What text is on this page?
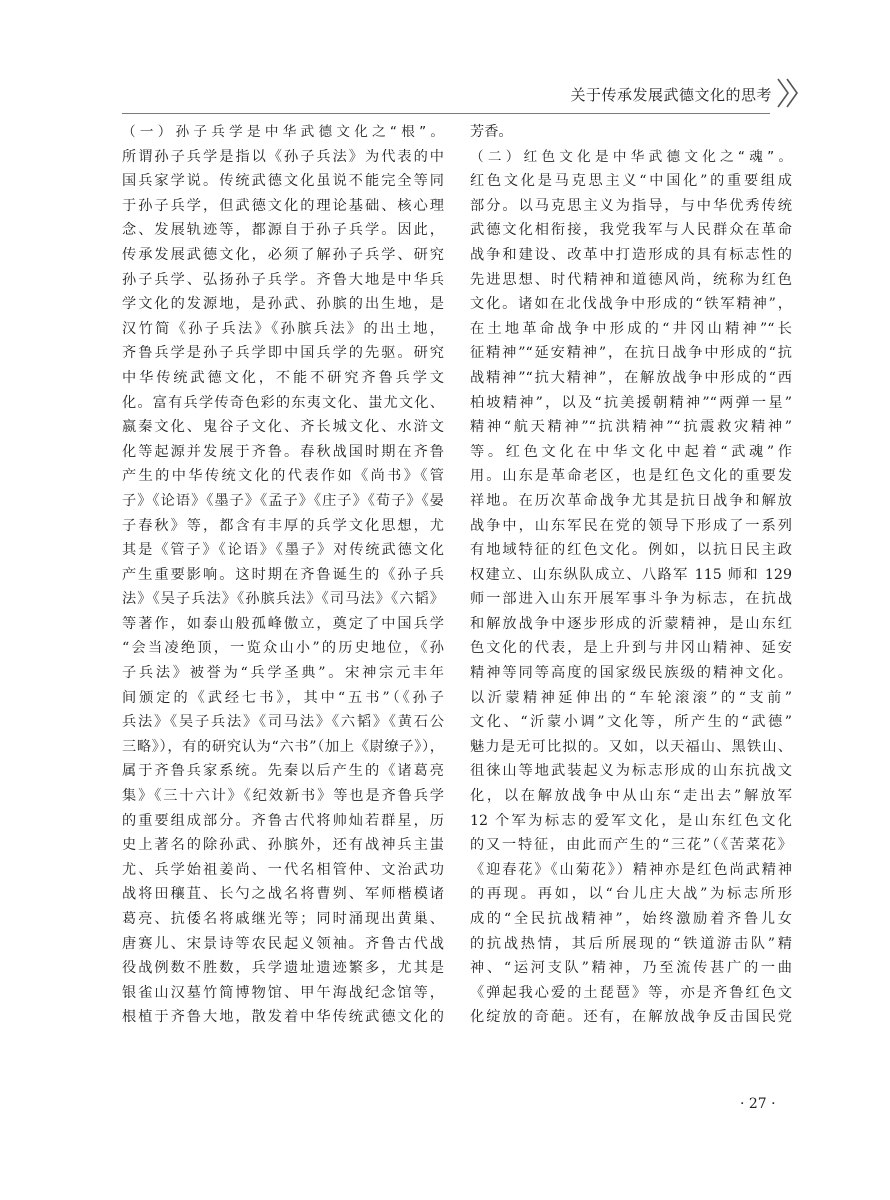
关于传承发展武德文化的思考
（一）孙子兵学是中华武德文化之“根”。
所谓孙子兵学是指以《孙子兵法》为代表的中
国兵家学说。传统武德文化虽说不能完全等同
于孙子兵学，但武德文化的理论基础、核心理
念、发展轨迹等，都源自于孙子兵学。因此，
传承发展武德文化，必须了解孙子兵学、研究
孙子兵学、弘扬孙子兵学。齐鲁大地是中华兵
学文化的发源地，是孙武、孙膑的出生地，是
汉竹简《孙子兵法》《孙膑兵法》的出土地，
齐鲁兵学是孙子兵学即中国兵学的先驱。研究
中华传统武德文化，不能不研究齐鲁兵学文
化。富有兵学传奇色彩的东夷文化、蚩尤文化、
嬴秦文化、鬼谷子文化、齐长城文化、水浒文
化等起源并发展于齐鲁。春秋战国时期在齐鲁
产生的中华传统文化的代表作如《尚书》《管
子》《论语》《墨子》《孟子》《庄子》《荀子》《晏
子春秋》等，都含有丰厚的兵学文化思想，尤
其是《管子》《论语》《墨子》对传统武德文化
产生重要影响。这时期在齐鲁诞生的《孙子兵
法》《吴子兵法》《孙膑兵法》《司马法》《六韬》
等著作，如泰山般孤峰傲立，奠定了中国兵学
“会当凌绝顶，一览众山小”的历史地位，《孙
子兵法》被誉为“兵学圣典”。宋神宗元丰年
间颁定的《武经七书》，其中“五书”（《孙子
兵法》《吴子兵法》《司马法》《六韬》《黄石公
三略》），有的研究认为“六书”（加上《尉缭子》），
属于齐鲁兵家系统。先秦以后产生的《诸葛亮
集》《三十六计》《纪效新书》等也是齐鲁兵学
的重要组成部分。齐鲁古代将帅灿若群星，历
史上著名的除孙武、孙膑外，还有战神兵主蚩
尤、兵学始祖姜尚、一代名相管仲、文治武功
战将田穰苴、长勺之战名将曹刿、军师楷模诸
葛亮、抗倭名将戚继光等；同时涌现出黄巢、
唐赛儿、宋景诗等农民起义领袖。齐鲁古代战
役战例数不胜数，兵学遗址遗迹繁多，尤其是
银雀山汉墓竹简博物馆、甲午海战纪念馆等，
根植于齐鲁大地，散发着中华传统武德文化的
芳香。
（二）红色文化是中华武德文化之“魂”。
红色文化是马克思主义“中国化”的重要组成
部分。以马克思主义为指导，与中华优秀传统
武德文化相衔接，我党我军与人民群众在革命
战争和建设、改革中打造形成的具有标志性的
先进思想、时代精神和道德风尚，统称为红色
文化。诸如在北伐战争中形成的“铁军精神”，
在土地革命战争中形成的“井冈山精神”“长
征精神”“延安精神”，在抗日战争中形成的“抗
战精神”“抗大精神”，在解放战争中形成的“西
柏坡精神”，以及“抗美援朝精神”“两弹一星”
精神“航天精神”“抗洪精神”“抗震救灾精神”
等。红色文化在中华文化中起着“武魂”作
用。山东是革命老区，也是红色文化的重要发
祥地。在历次革命战争尤其是抗日战争和解放
战争中，山东军民在党的领导下形成了一系列
有地域特征的红色文化。例如，以抗日民主政
权建立、山东纵队成立、八路军 115 师和 129
师一部进入山东开展军事斗争为标志，在抗战
和解放战争中逐步形成的沂蒙精神，是山东红
色文化的代表，是上升到与井冈山精神、延安
精神等同等高度的国家级民族级的精神文化。
以沂蒙精神延伸出的“车轮滚滚”的“支前”
文化、“沂蒙小调”文化等，所产生的“武德”
魅力是无可比拟的。又如，以天福山、黑铁山、
徂徕山等地武装起义为标志形成的山东抗战文
化，以在解放战争中从山东“走出去”解放军
12 个军为标志的爱军文化，是山东红色文化
的又一特征，由此而产生的“三花”（《苦菜花》
《迎春花》《山菊花》）精神亦是红色尚武精神
的再现。再如，以“台儿庄大战”为标志所形
成的“全民抗战精神”，始终激励着齐鲁儿女
的抗战热情，其后所展现的“铁道游击队”精
神、“运河支队”精神，乃至流传甚广的一曲
《弹起我心爱的土琵琶》等，亦是齐鲁红色文
化绽放的奇葩。还有，在解放战争反击国民党
· 27 ·
